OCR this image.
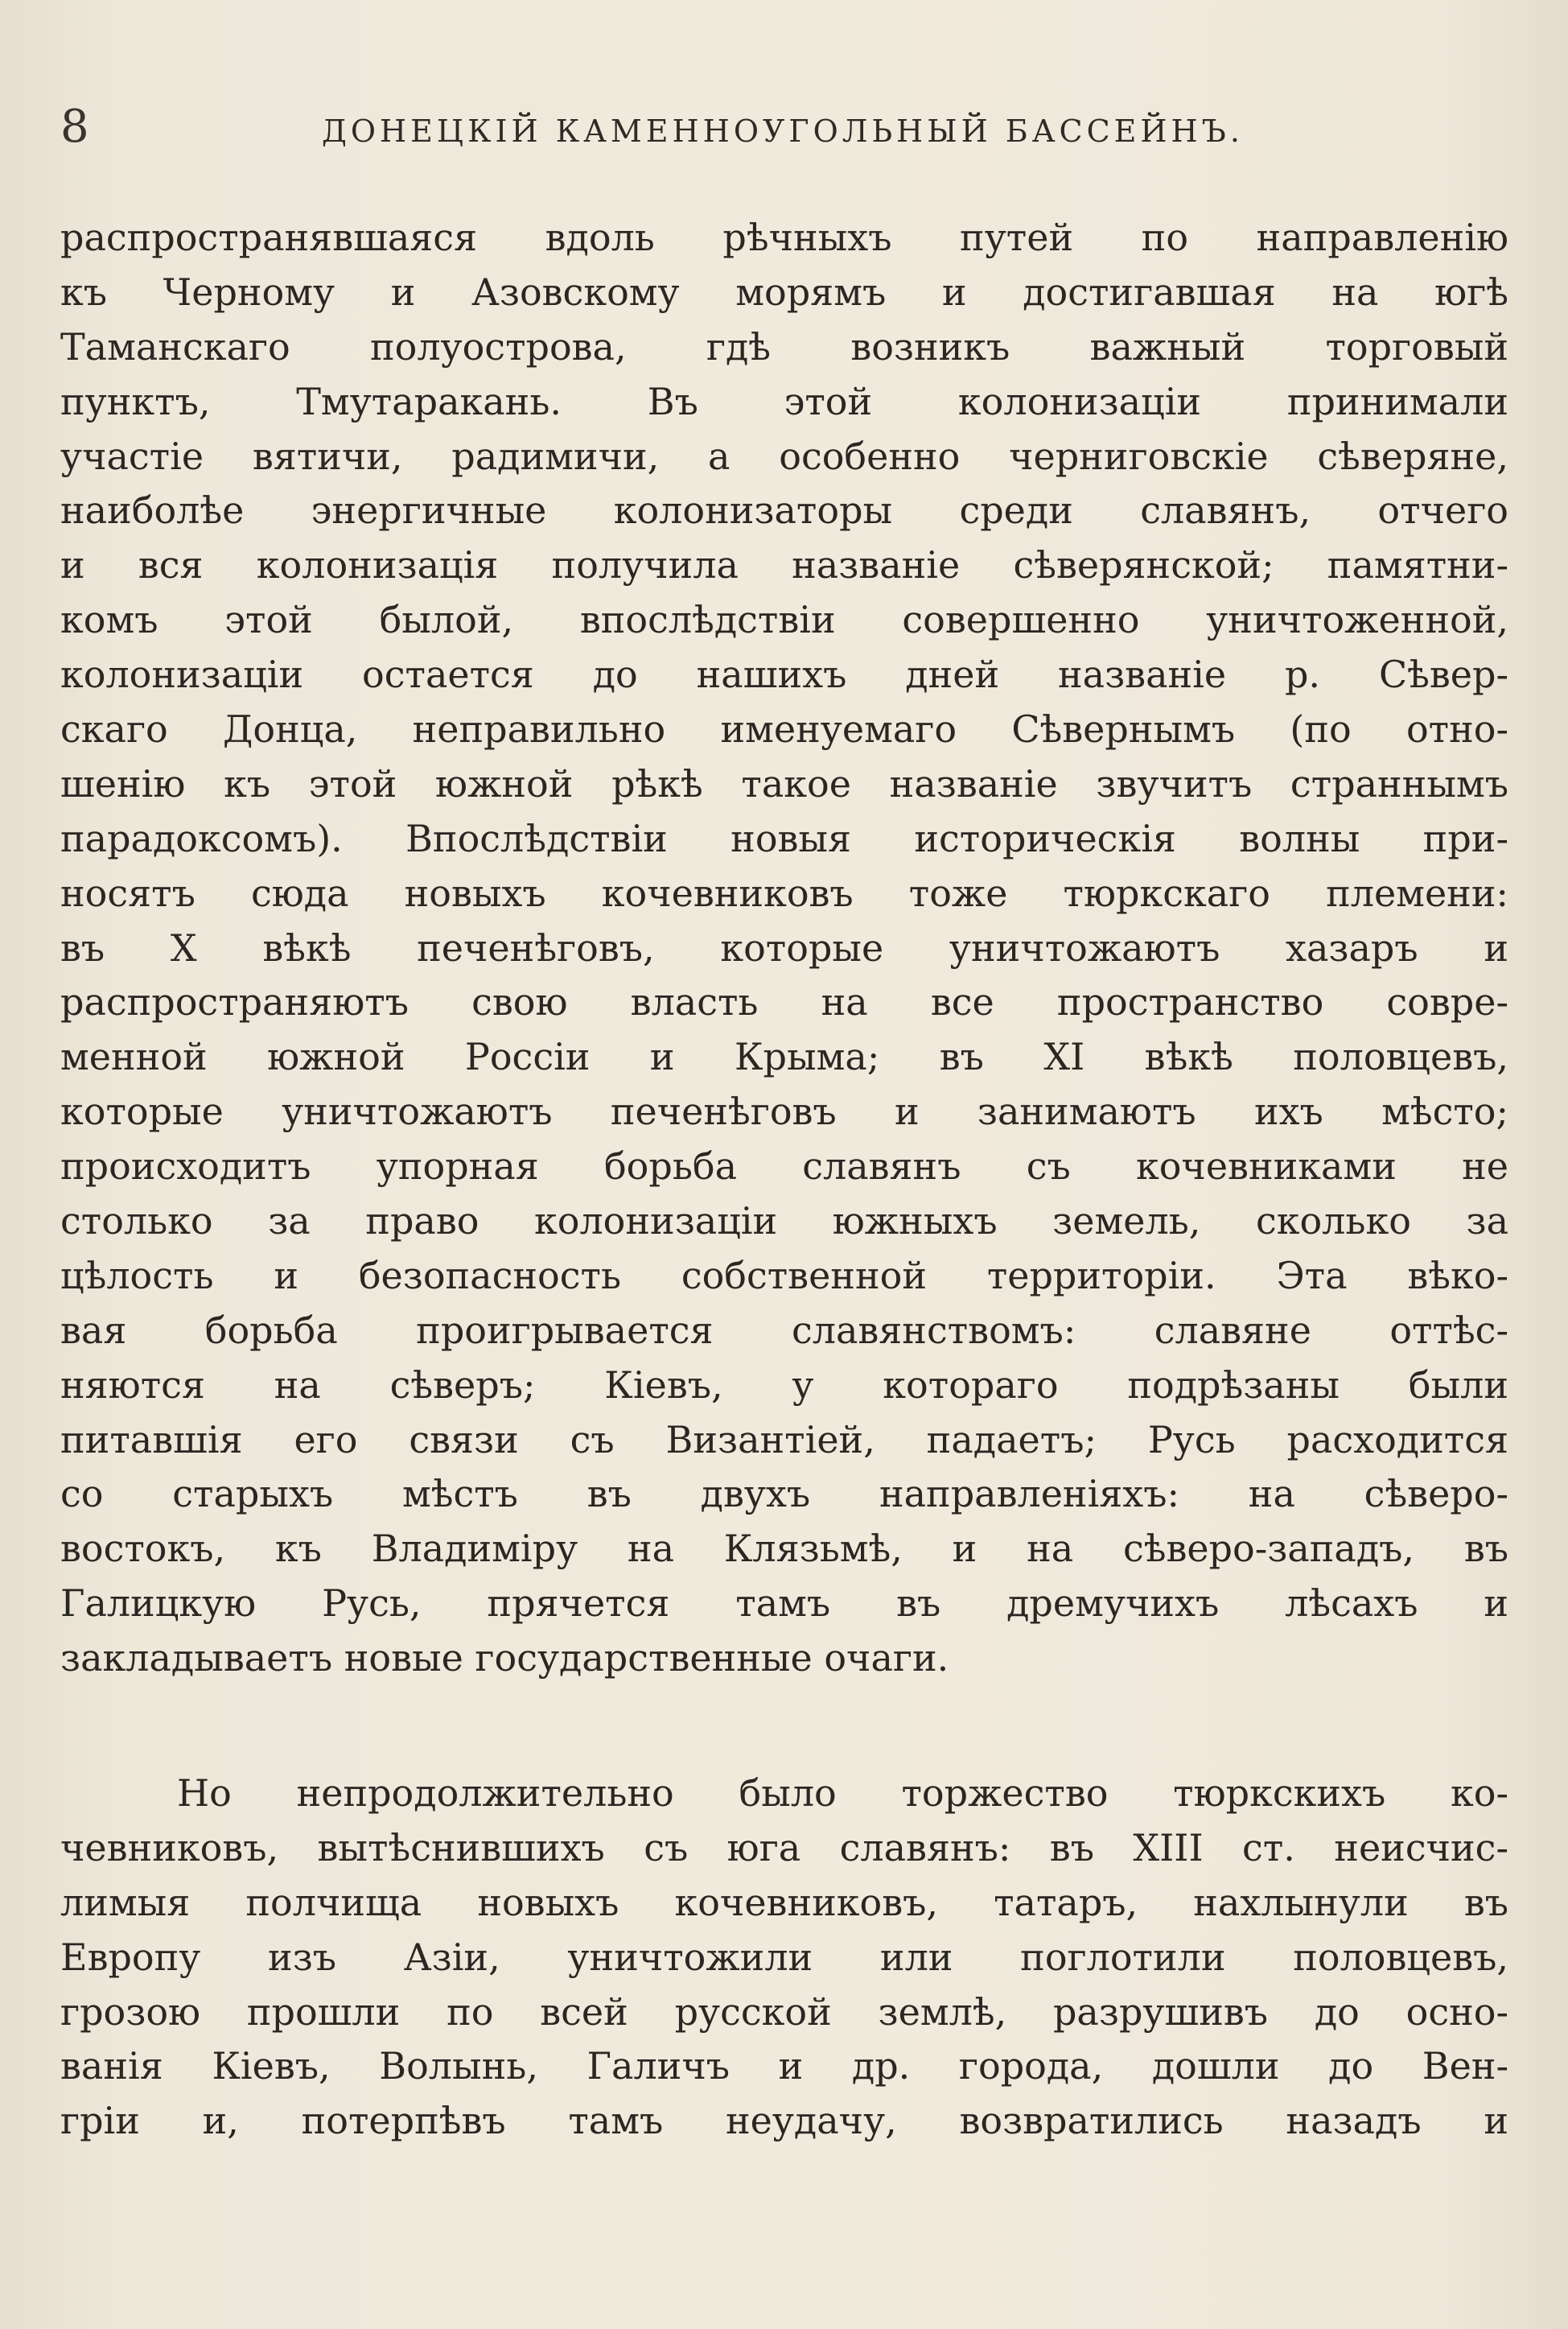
8	ДОНЕЦКІЙ КАМЕННОУГОЛЬНЫЙ БАССЕЙНЪ.
распространявшаяся вдоль рѣчныхъ путей по направленію
къ Черному и Азовскому морямъ и достигавшая на югѣ
Таманскаго полуострова, гдѣ возникъ важный торговый
пунктъ, Тмутаракань. Въ этой колонизаціи принимали
участіе вятичи, радимичи, а особенно черниговскіе сѣверяне,
наиболѣе энергичные колонизаторы среди славянъ, отчего
и вся колонизація получила названіе сѣверянской; памятни-
комъ этой былой, впослѣдствіи совершенно уничтоженной,
колонизаціи остается до нашихъ дней названіе р. Сѣвер-
скаго Донца, неправильно именуемаго Сѣвернымъ (по отно-
шенію къ этой южной рѣкѣ такое названіе звучитъ страннымъ
парадоксомъ). Впослѣдствіи новыя историческія волны при-
носятъ сюда новыхъ кочевниковъ тоже тюркскаго племени:
въ X вѣкѣ печенѣговъ, которые уничтожаютъ хазаръ и
распространяютъ свою власть на все пространство совре-
менной южной Россіи и Крыма; въ XI вѣкѣ половцевъ,
которые уничтожаютъ печенѣговъ и занимаютъ ихъ мѣсто;
происходитъ упорная борьба славянъ съ кочевниками не
столько за право колонизаціи южныхъ земель, сколько за
цѣлость и безопасность собственной территоріи. Эта вѣко-
вая борьба проигрывается славянствомъ: славяне оттѣс-
няются на сѣверъ; Кіевъ, у котораго подрѣзаны были
питавшія его связи съ Византіей, падаетъ; Русь расходится
со старыхъ мѣстъ въ двухъ направленіяхъ: на сѣверо-
востокъ, къ Владиміру на Клязьмѣ, и на сѣверо-западъ, въ
Галицкую Русь, прячется тамъ въ дремучихъ лѣсахъ и
закладываетъ новые государственные очаги.
Но непродолжительно было торжество тюркскихъ ко-
чевниковъ, вытѣснившихъ съ юга славянъ: въ XIII ст. неисчис-
лимыя полчища новыхъ кочевниковъ, татаръ, нахлынули въ
Европу изъ Азіи, уничтожили или поглотили половцевъ,
грозою прошли по всей русской землѣ, разрушивъ до осно-
ванія Кіевъ, Волынь, Галичъ и др. города, дошли до Вен-
гріи и, потерпѣвъ тамъ неудачу, возвратились назадъ и
